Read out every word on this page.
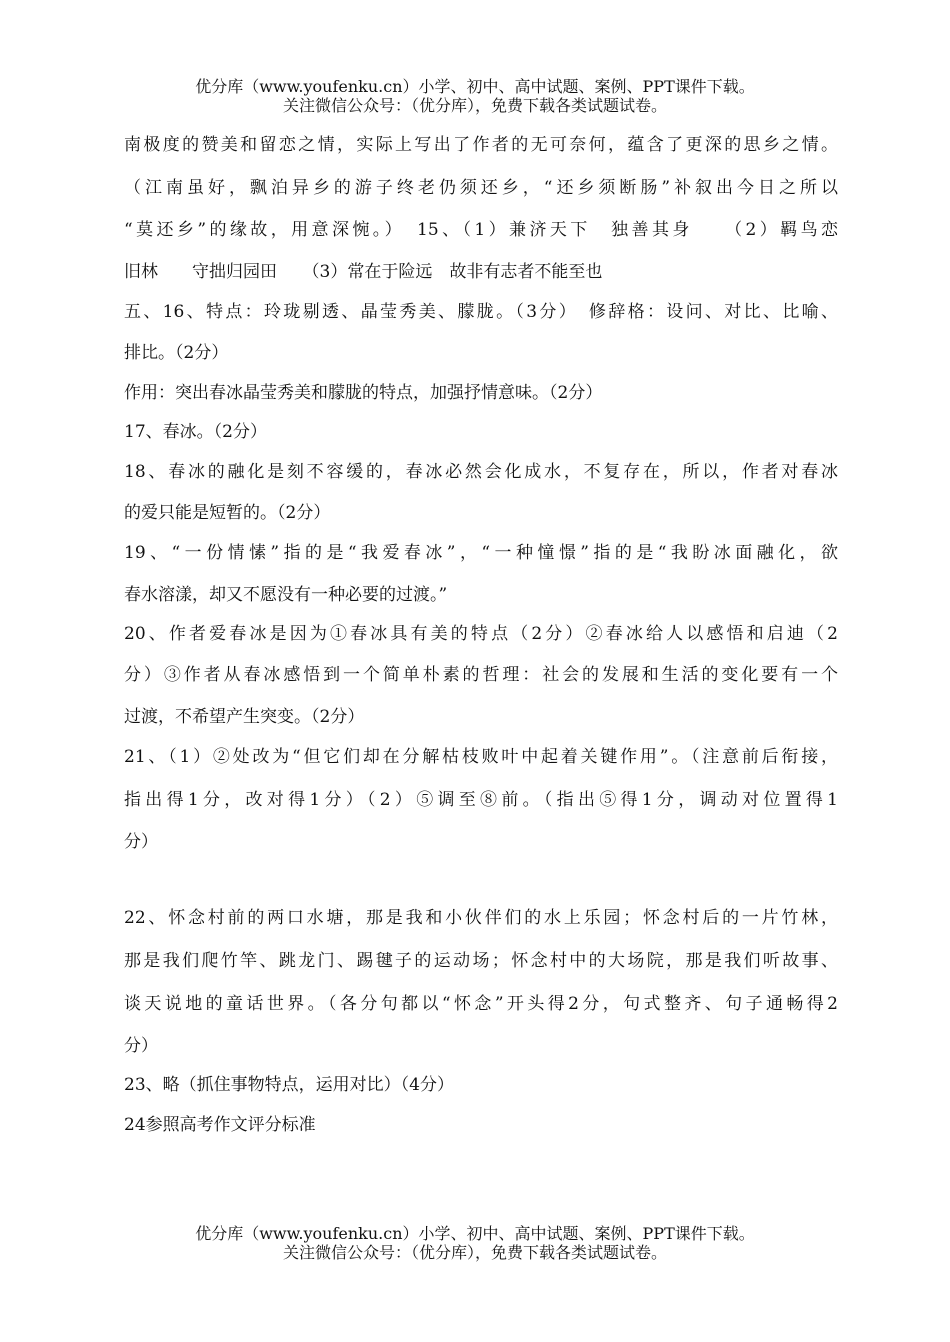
优分库（www.youfenku.cn）小学、初中、高中试题、案例、PPT课件下载。
关注微信公众号：（优分库），免费下载各类试题试卷。
南极度的赞美和留恋之情，实际上写出了作者的无可奈何，蕴含了更深的思乡之情。
（江南虽好，飘泊异乡的游子终老仍须还乡，“还乡须断肠”补叙出今日之所以
“莫还乡”的缘故，用意深惋。）　15、（1）兼济天下　独善其身　　（2）羁鸟恋
旧林　　守拙归园田　　（3）常在于险远　故非有志者不能至也
五、16、特点：玲珑剔透、晶莹秀美、朦胧。（3分）　修辞格：设问、对比、比喻、
排比。（2分）
作用：突出春冰晶莹秀美和朦胧的特点，加强抒情意味。（2分）
17、春冰。（2分）
18、春冰的融化是刻不容缓的，春冰必然会化成水，不复存在，所以，作者对春冰
的爱只能是短暂的。（2分）
19、“一份情愫”指的是“我爱春冰”，“一种憧憬”指的是“我盼冰面融化，欲
春水溶漾，却又不愿没有一种必要的过渡。”
20、作者爱春冰是因为①春冰具有美的特点（2分）②春冰给人以感悟和启迪（2
分）③作者从春冰感悟到一个简单朴素的哲理：社会的发展和生活的变化要有一个
过渡，不希望产生突变。（2分）
21、（1）②处改为“但它们却在分解枯枝败叶中起着关键作用”。（注意前后衔接，
指出得1分，改对得1分）（2）⑤调至⑧前。（指出⑤得1分，调动对位置得1
分）
22、怀念村前的两口水塘，那是我和小伙伴们的水上乐园；怀念村后的一片竹林，
那是我们爬竹竿、跳龙门、踢毽子的运动场；怀念村中的大场院，那是我们听故事、
谈天说地的童话世界。（各分句都以“怀念”开头得2分，句式整齐、句子通畅得2
分）
23、略（抓住事物特点，运用对比）（4分）
24参照高考作文评分标准
优分库（www.youfenku.cn）小学、初中、高中试题、案例、PPT课件下载。
关注微信公众号：（优分库），免费下载各类试题试卷。
